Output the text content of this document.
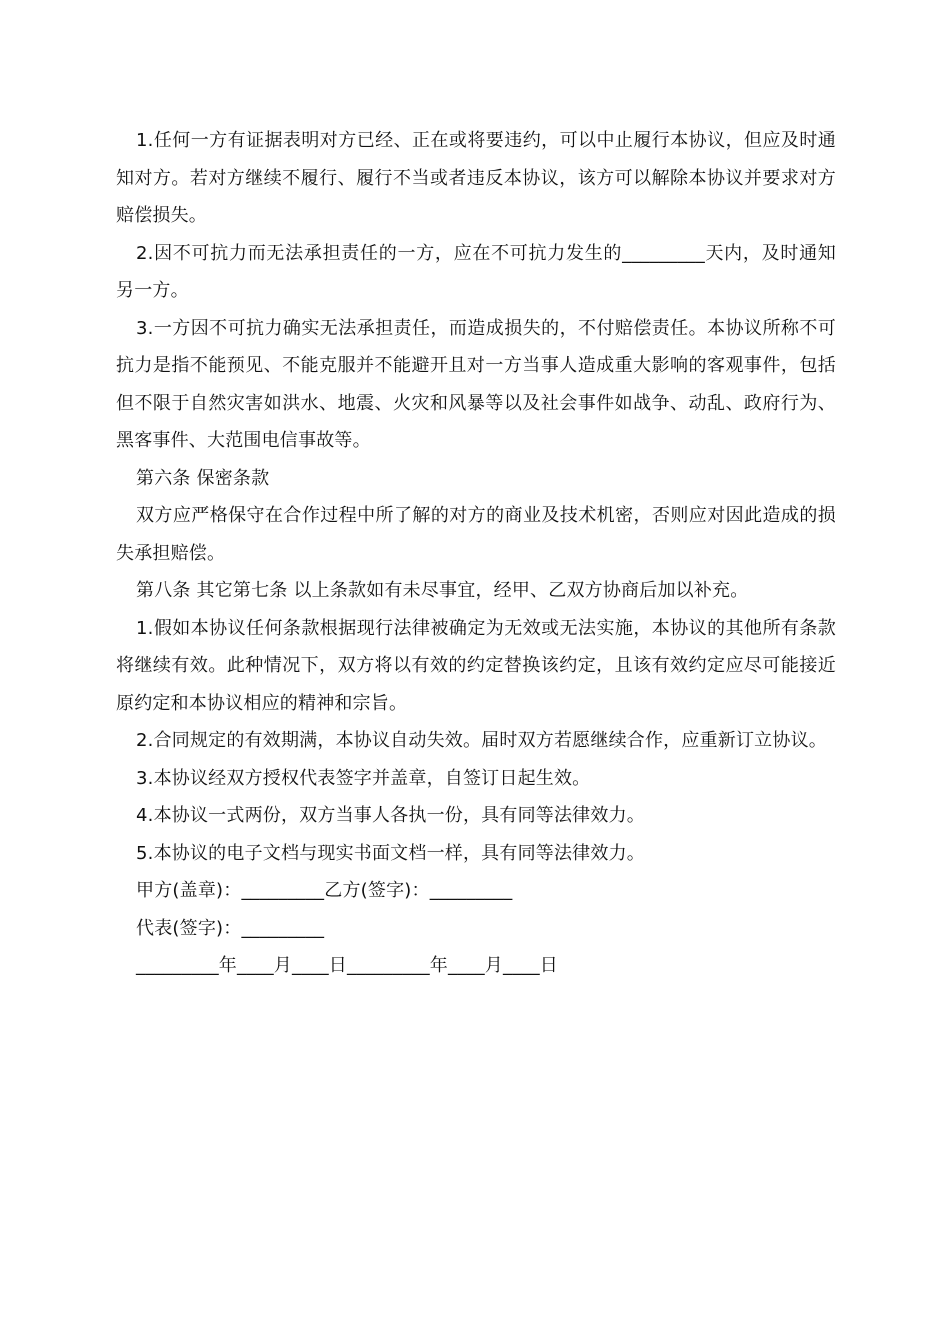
1.任何一方有证据表明对方已经、正在或将要违约，可以中止履行本协议，但应及时通知对方。若对方继续不履行、履行不当或者违反本协议，该方可以解除本协议并要求对方赔偿损失。

2.因不可抗力而无法承担责任的一方，应在不可抗力发生的_________天内，及时通知另一方。

3.一方因不可抗力确实无法承担责任，而造成损失的，不付赔偿责任。本协议所称不可抗力是指不能预见、不能克服并不能避开且对一方当事人造成重大影响的客观事件，包括但不限于自然灾害如洪水、地震、火灾和风暴等以及社会事件如战争、动乱、政府行为、黑客事件、大范围电信事故等。

第六条 保密条款

双方应严格保守在合作过程中所了解的对方的商业及技术机密，否则应对因此造成的损失承担赔偿。

第八条 其它第七条 以上条款如有未尽事宜，经甲、乙双方协商后加以补充。

1.假如本协议任何条款根据现行法律被确定为无效或无法实施，本协议的其他所有条款将继续有效。此种情况下，双方将以有效的约定替换该约定，且该有效约定应尽可能接近原约定和本协议相应的精神和宗旨。

2.合同规定的有效期满，本协议自动失效。届时双方若愿继续合作，应重新订立协议。

3.本协议经双方授权代表签字并盖章，自签订日起生效。

4.本协议一式两份，双方当事人各执一份，具有同等法律效力。

5.本协议的电子文档与现实书面文档一样，具有同等法律效力。

甲方(盖章)：_________乙方(签字)：_________

代表(签字)：_________

_________年____月____日_________年____月____日
